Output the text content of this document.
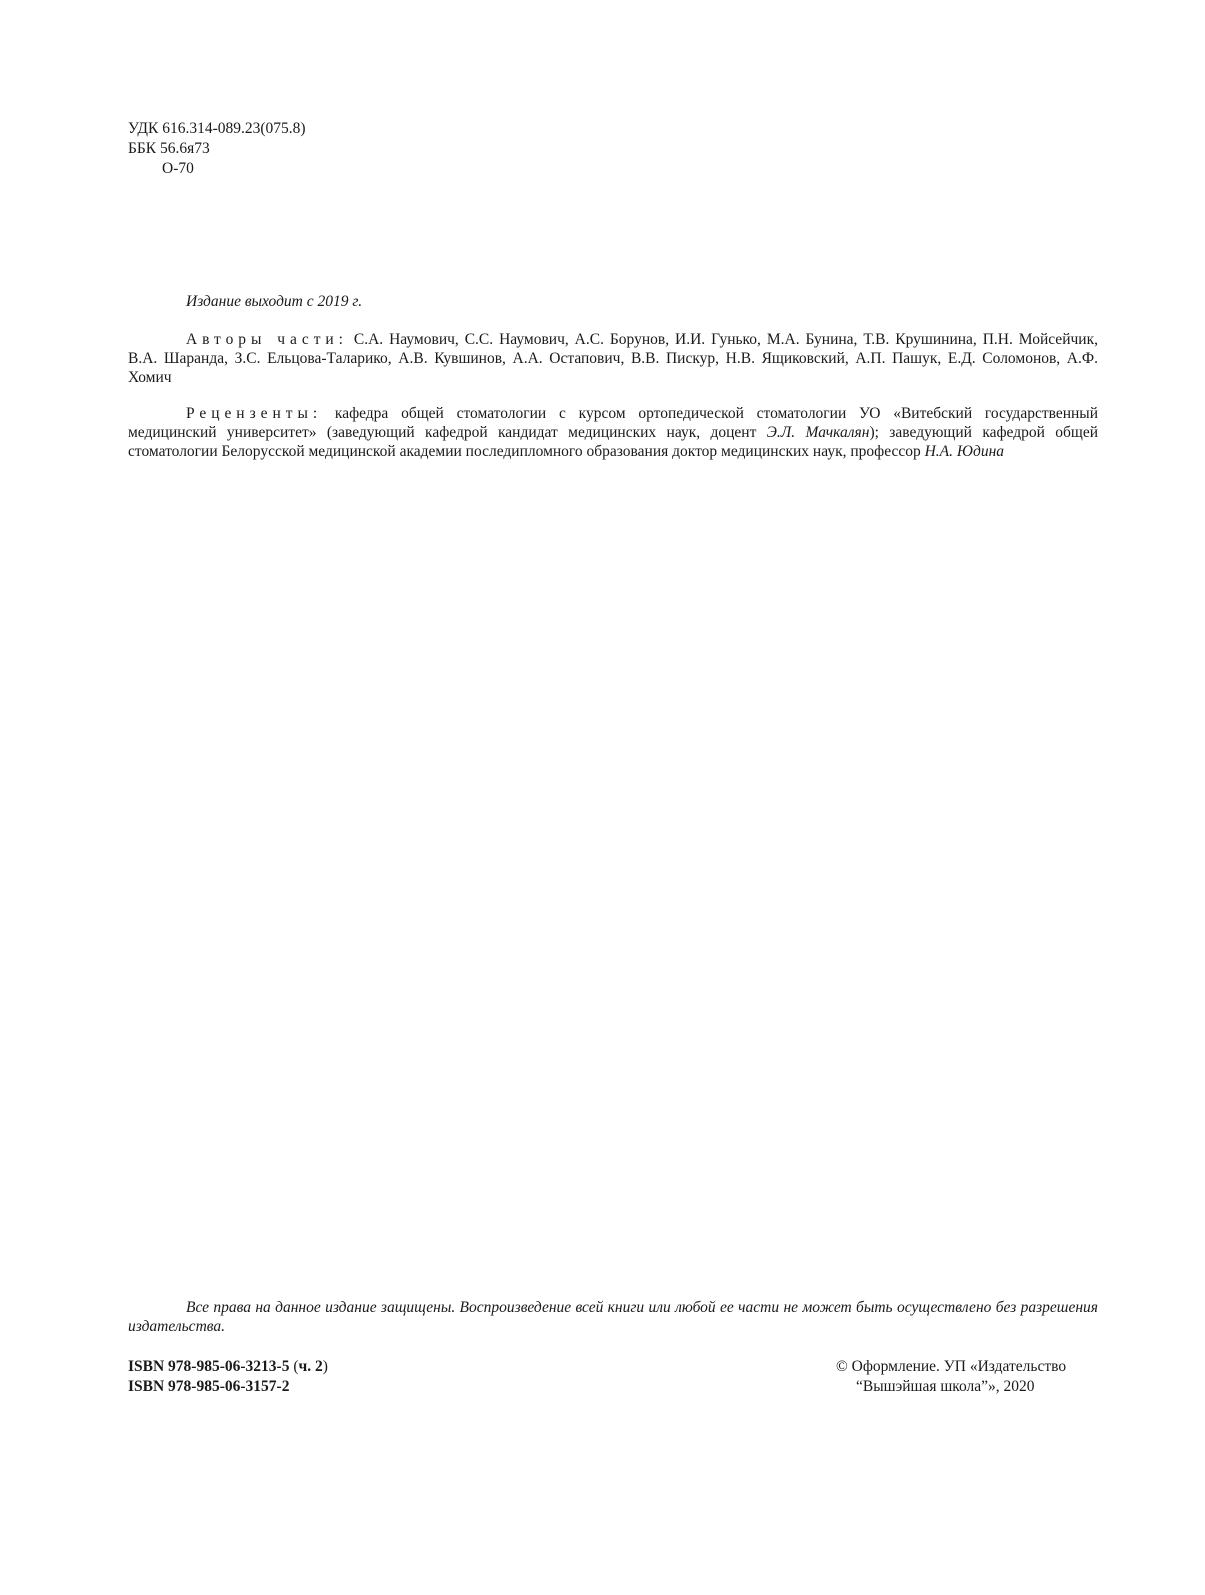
УДК 616.314-089.23(075.8)
ББК 56.6я73
О-70
Издание выходит с 2019 г.
Авторы части: С.А. Наумович, С.С. Наумович, А.С. Борунов, И.И. Гунько, М.А. Бунина, Т.В. Крушинина, П.Н. Мойсейчик, В.А. Шаранда, З.С. Ельцова-Таларико, А.В. Кувшинов, А.А. Остапович, В.В. Пискур, Н.В. Ящиковский, А.П. Пашук, Е.Д. Соломонов, А.Ф. Хомич
Рецензенты: кафедра общей стоматологии с курсом ортопедической стоматологии УО «Витебский государственный медицинский университет» (заведующий кафедрой кандидат медицинских наук, доцент Э.Л. Мачкалян); заведующий кафедрой общей стоматологии Белорусской медицинской академии последипломного образования доктор медицинских наук, профессор Н.А. Юдина
Все права на данное издание защищены. Воспроизведение всей книги или любой ее части не может быть осуществлено без разрешения издательства.
ISBN 978-985-06-3213-5 (ч. 2)
ISBN 978-985-06-3157-2
© Оформление. УП «Издательство
“Вышэйшая школа”», 2020
